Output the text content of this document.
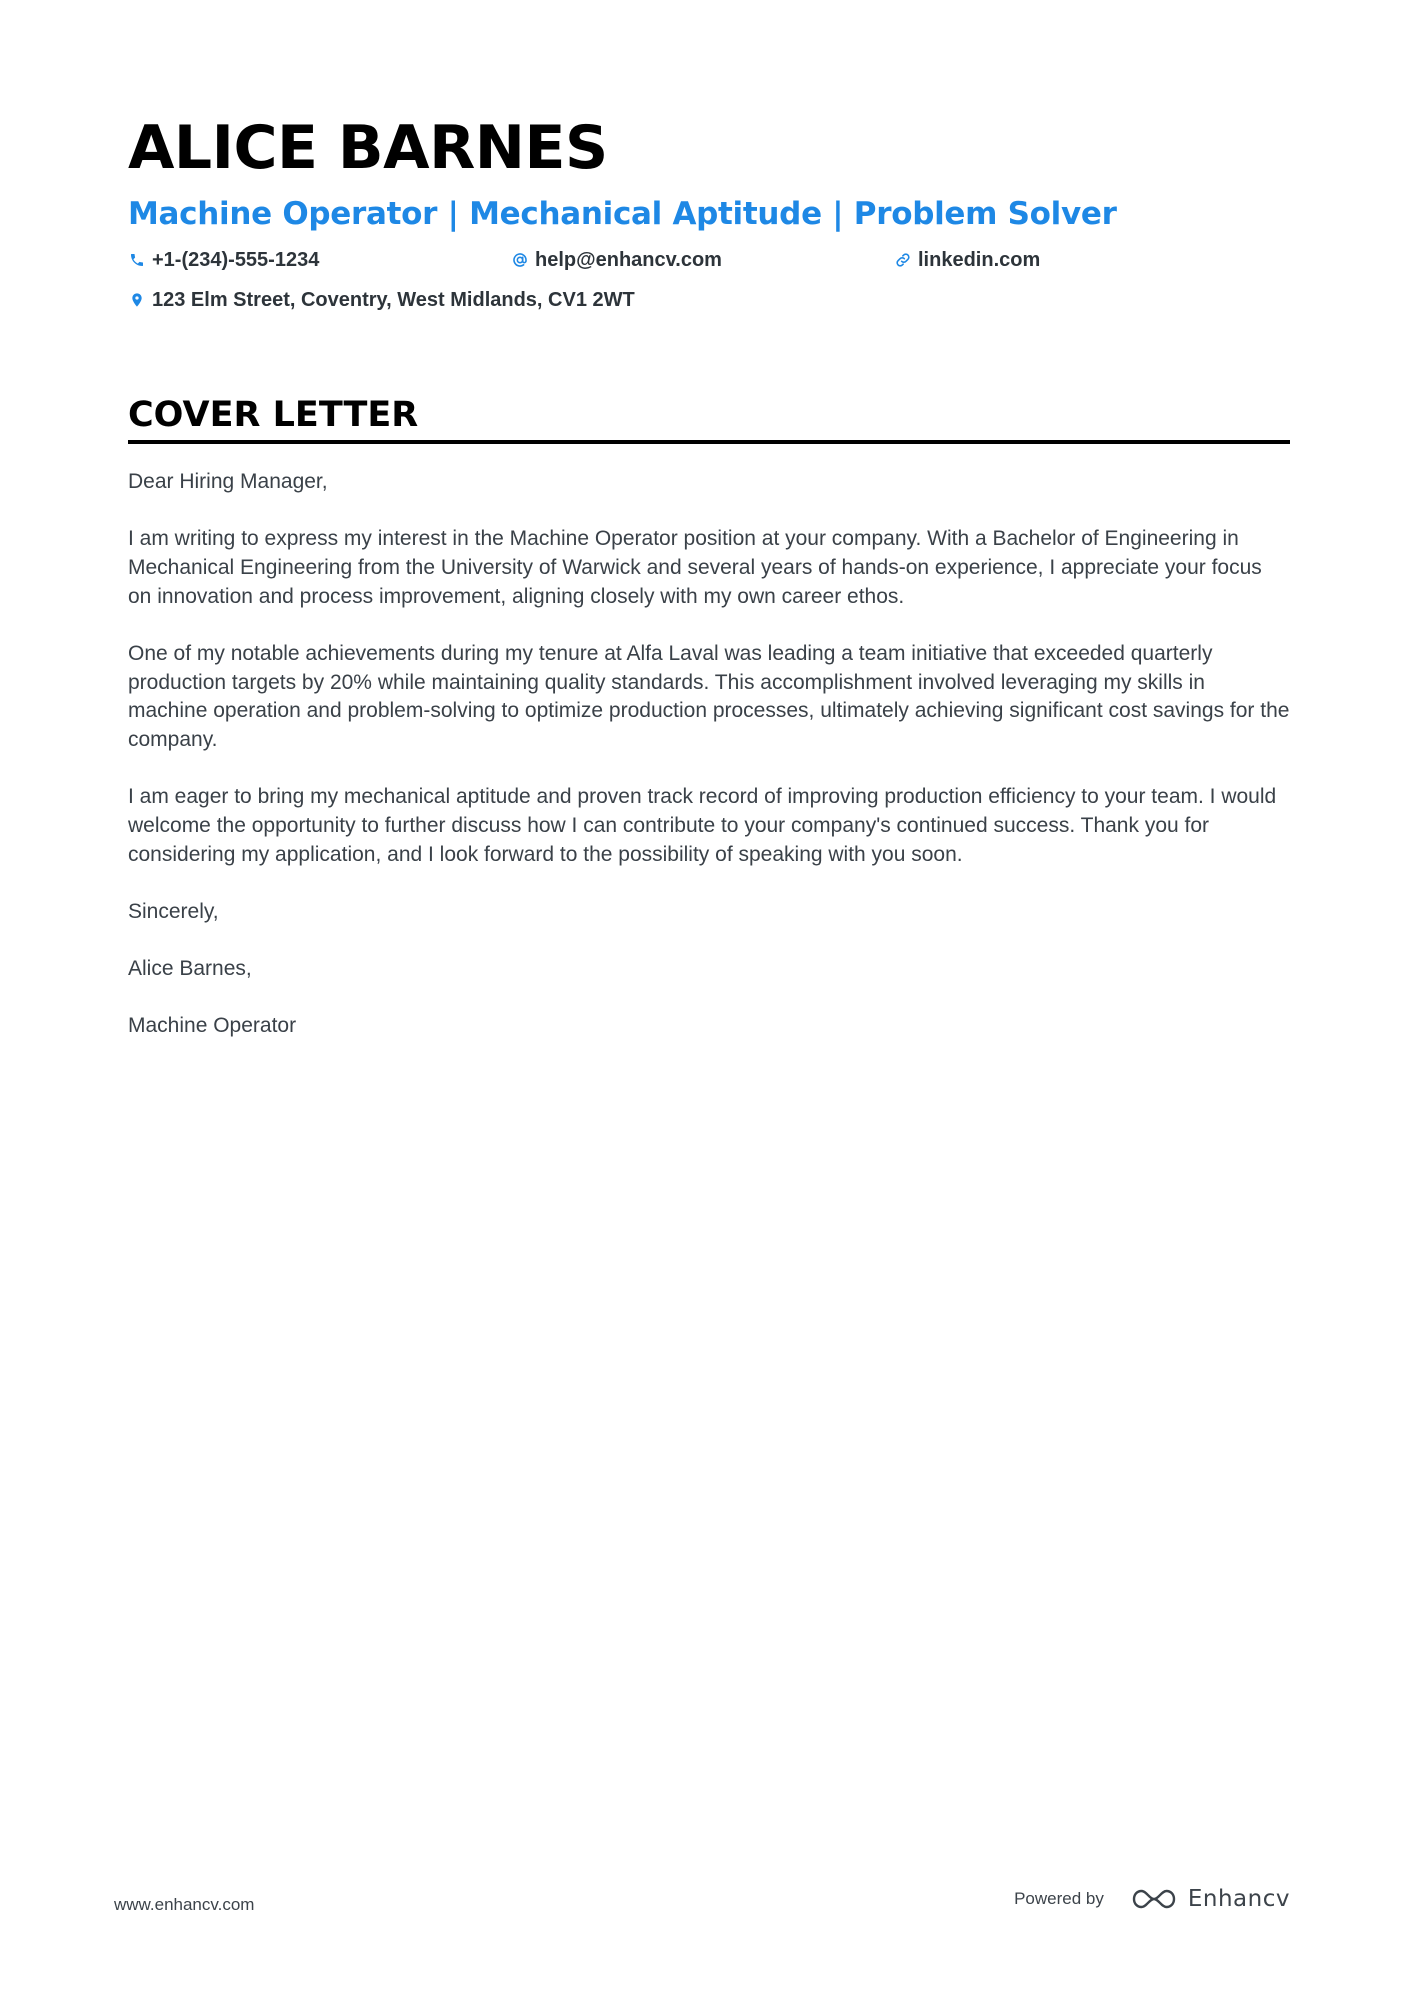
ALICE BARNES
Machine Operator | Mechanical Aptitude | Problem Solver
+1-(234)-555-1234	help@enhancv.com	linkedin.com
123 Elm Street, Coventry, West Midlands, CV1 2WT
COVER LETTER

Dear Hiring Manager,

I am writing to express my interest in the Machine Operator position at your company. With a Bachelor of Engineering in Mechanical Engineering from the University of Warwick and several years of hands-on experience, I appreciate your focus on innovation and process improvement, aligning closely with my own career ethos.

One of my notable achievements during my tenure at Alfa Laval was leading a team initiative that exceeded quarterly production targets by 20% while maintaining quality standards. This accomplishment involved leveraging my skills in machine operation and problem-solving to optimize production processes, ultimately achieving significant cost savings for the company.

I am eager to bring my mechanical aptitude and proven track record of improving production efficiency to your team. I would welcome the opportunity to further discuss how I can contribute to your company's continued success. Thank you for considering my application, and I look forward to the possibility of speaking with you soon.

Sincerely,

Alice Barnes,

Machine Operator

www.enhancv.com	Powered by	Enhancv
